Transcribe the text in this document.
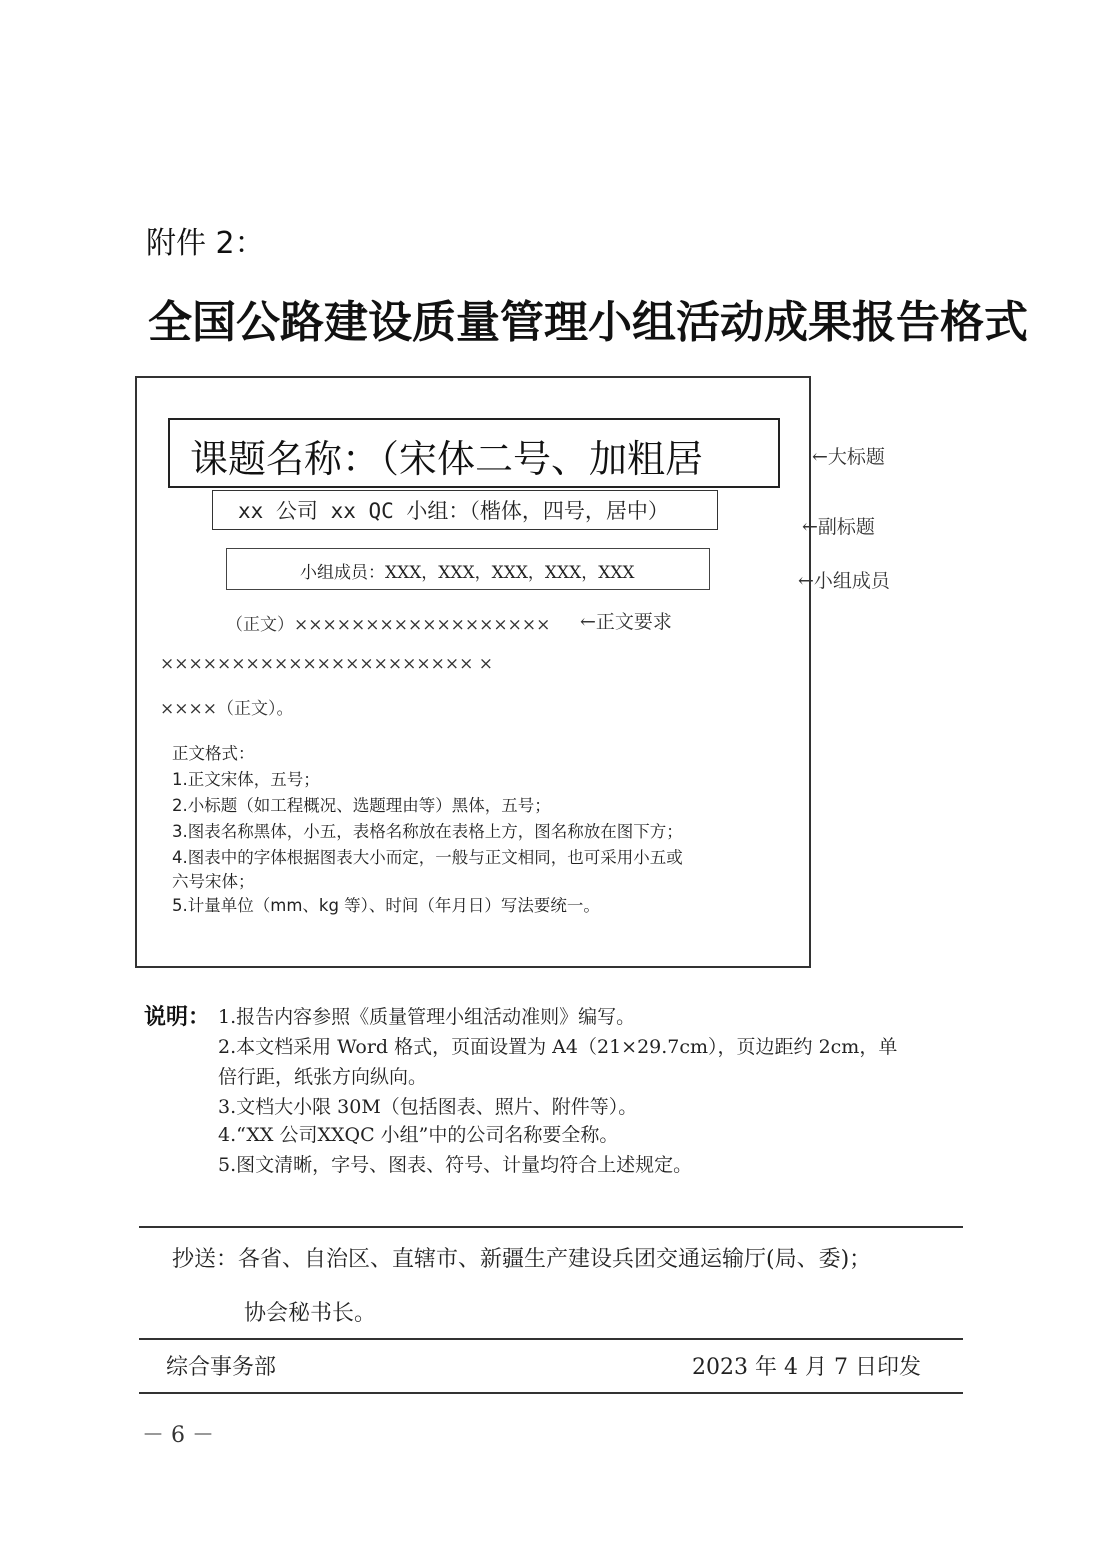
附件 2：
全国公路建设质量管理小组活动成果报告格式
课题名称：（宋体二号、加粗居
xx 公司 xx QC 小组：（楷体，四号，居中）
小组成员：XXX，XXX，XXX，XXX，XXX
←大标题
←副标题
←小组成员
（正文）×××××××××××××××××× ←正文要求
×××××××××××××××××××××× ×
××××（正文）。
正文格式：
1.正文宋体，五号；
2.小标题（如工程概况、选题理由等）黑体，五号；
3.图表名称黑体，小五，表格名称放在表格上方，图名称放在图下方；
4.图表中的字体根据图表大小而定，一般与正文相同，也可采用小五或
六号宋体；
5.计量单位（mm、kg 等）、时间（年月日）写法要统一。
说明： 1.报告内容参照《质量管理小组活动准则》编写。
2.本文档采用 Word 格式，页面设置为 A4（21×29.7cm），页边距约 2cm，单
倍行距，纸张方向纵向。
3.文档大小限 30M（包括图表、照片、附件等）。
4.“XX 公司XXQC 小组”中的公司名称要全称。
5.图文清晰，字号、图表、符号、计量均符合上述规定。
抄送：各省、自治区、直辖市、新疆生产建设兵团交通运输厅(局、委)；
协会秘书长。
综合事务部	2023 年 4 月 7 日印发
－ 6 －
